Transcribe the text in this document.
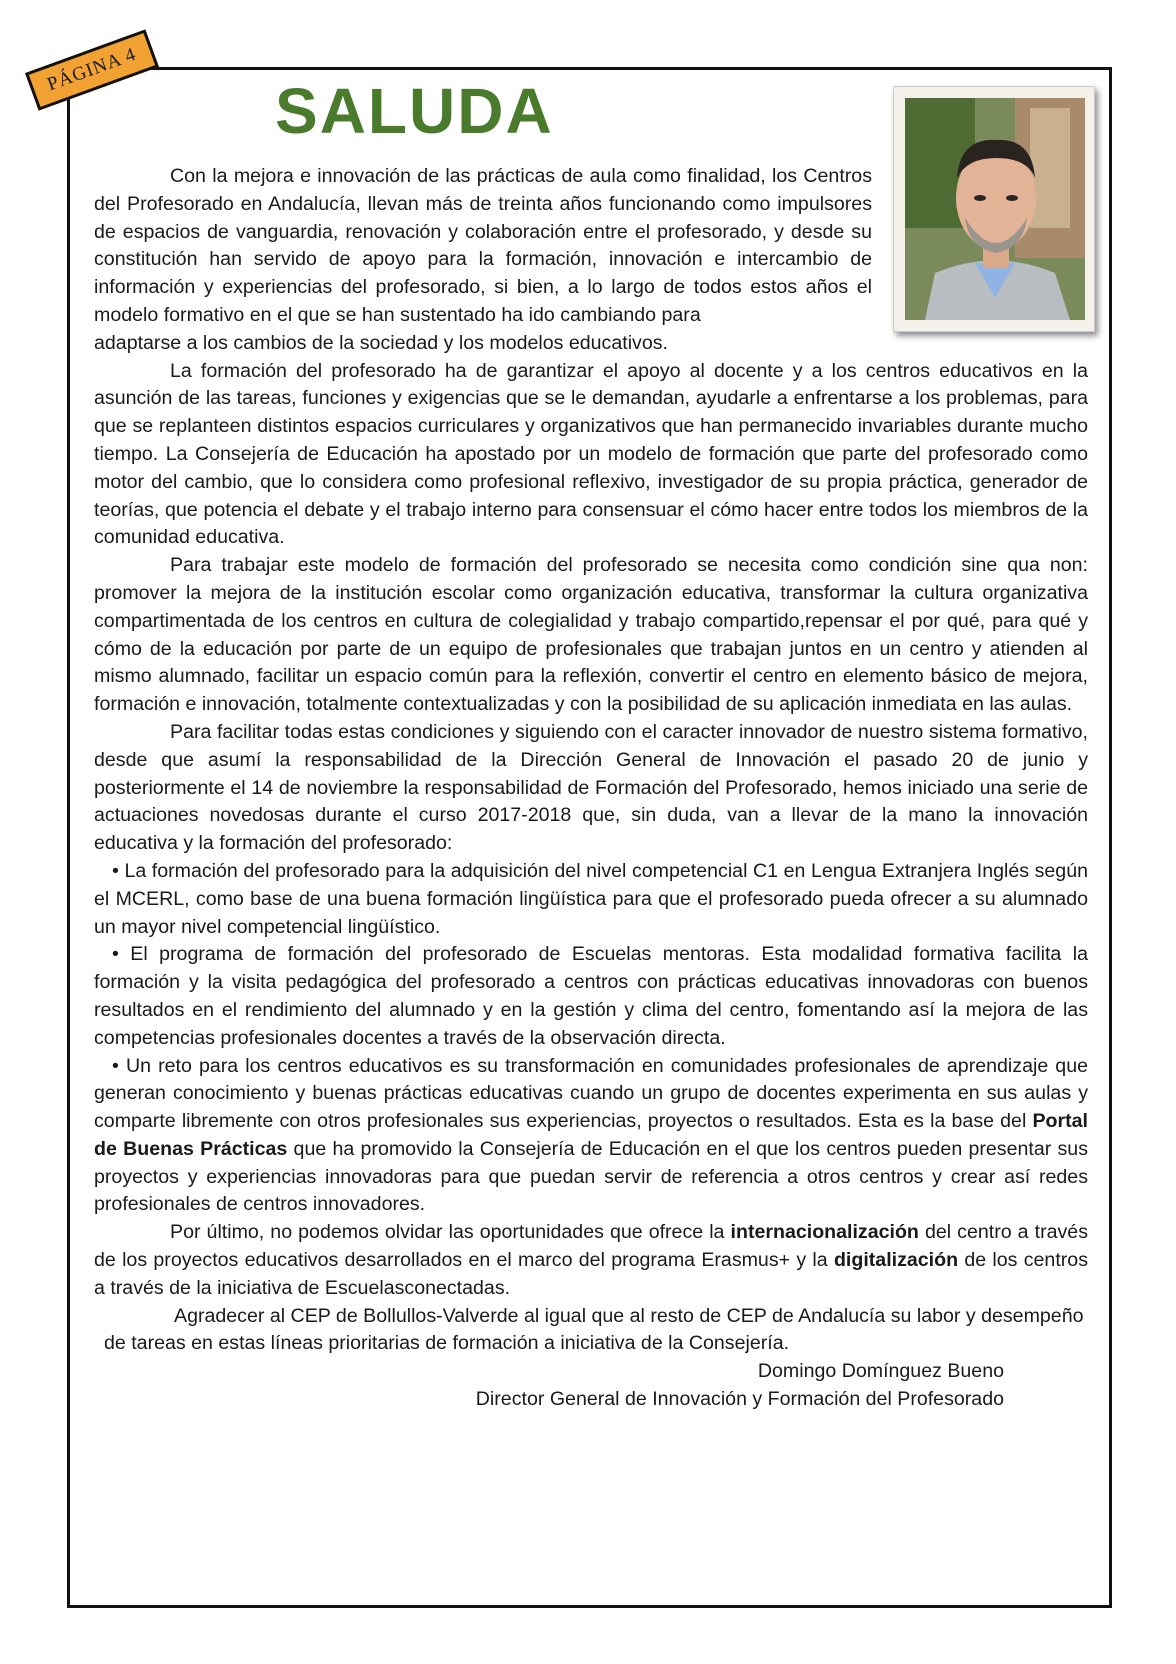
PÁGINA 4
SALUDA

Con la mejora e innovación de las prácticas de aula como finalidad, los Centros del Profesorado en Andalucía, llevan más de treinta años funcionando como impulsores de espacios de vanguardia, renovación y colaboración entre el profesorado, y desde su constitución han servido de apoyo para la formación, innovación e intercambio de información y experiencias del profesorado, si bien, a lo largo de todos estos años el modelo formativo en el que se han sustentado ha ido cambiando para

adaptarse a los cambios de la sociedad y los modelos educativos.

La formación del profesorado ha de garantizar el apoyo al docente y a los centros educativos en la asunción de las tareas, funciones y exigencias que se le demandan, ayudarle a enfrentarse a los problemas, para que se replanteen distintos espacios curriculares y organizativos que han permanecido invariables durante mucho tiempo. La Consejería de Educación ha apostado por un modelo de formación que parte del profesorado como motor del cambio, que lo considera como profesional reflexivo, investigador de su propia práctica, generador de teorías, que potencia el debate y el trabajo interno para consensuar el cómo hacer entre todos los miembros de la comunidad educativa.

Para trabajar este modelo de formación del profesorado se necesita como condición sine qua non: promover la mejora de la institución escolar como organización educativa, transformar la cultura organizativa compartimentada de los centros en cultura de colegialidad y trabajo compartido,repensar el por qué, para qué y cómo de la educación por parte de un equipo de profesionales que trabajan juntos en un centro y atienden al mismo alumnado, facilitar un espacio común para la reflexión, convertir el centro en elemento básico de mejora, formación e innovación, totalmente contextualizadas y con la posibilidad de su aplicación inmediata en las aulas.

Para facilitar todas estas condiciones y siguiendo con el caracter innovador de nuestro sistema formativo, desde que asumí la responsabilidad de la Dirección General de Innovación el pasado 20 de junio y posteriormente el 14 de noviembre la responsabilidad de Formación del Profesorado, hemos iniciado una serie de actuaciones novedosas durante el curso 2017-2018 que, sin duda, van a llevar de la mano la innovación educativa y la formación del profesorado:

• La formación del profesorado para la adquisición del nivel competencial C1 en Lengua Extranjera Inglés según el MCERL, como base de una buena formación lingüística para que el profesorado pueda ofrecer a su alumnado un mayor nivel competencial lingüístico.

• El programa de formación del profesorado de Escuelas mentoras. Esta modalidad formativa facilita la formación y la visita pedagógica del profesorado a centros con prácticas educativas innovadoras con buenos resultados en el rendimiento del alumnado y en la gestión y clima del centro, fomentando así la mejora de las competencias profesionales docentes a través de la observación directa.

• Un reto para los centros educativos es su transformación en comunidades profesionales de aprendizaje que generan conocimiento y buenas prácticas educativas cuando un grupo de docentes experimenta en sus aulas y comparte libremente con otros profesionales sus experiencias, proyectos o resultados. Esta es la base del Portal de Buenas Prácticas que ha promovido la Consejería de Educación en el que los centros pueden presentar sus proyectos y experiencias innovadoras para que puedan servir de referencia a otros centros y crear así redes profesionales de centros innovadores.

Por último, no podemos olvidar las oportunidades que ofrece la internacionalización del centro a través de los proyectos educativos desarrollados en el marco del programa Erasmus+ y la digitalización de los centros a través de la iniciativa de Escuelasconectadas.

Agradecer al CEP de Bollullos-Valverde al igual que al resto de CEP de Andalucía su labor y desempeño de tareas en estas líneas prioritarias de formación a iniciativa de la Consejería.

Domingo Domínguez Bueno

Director General de Innovación y Formación del Profesorado
